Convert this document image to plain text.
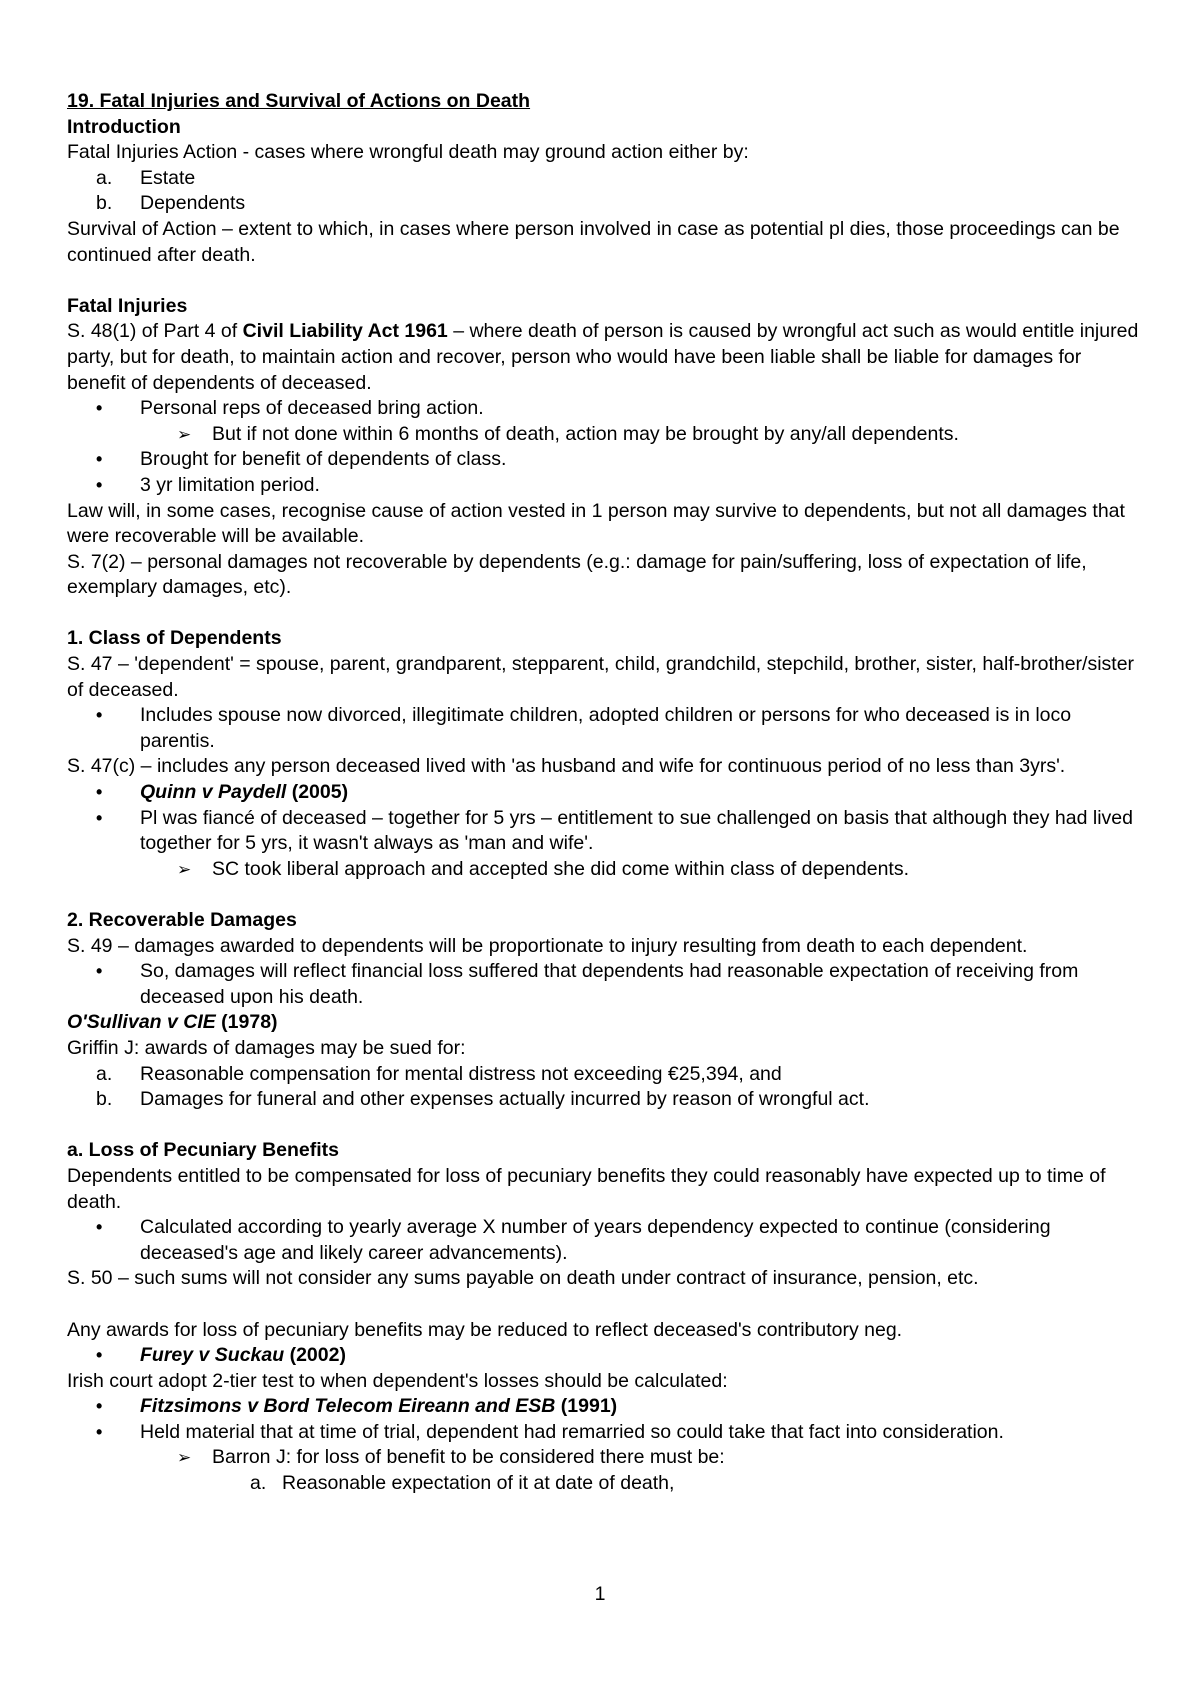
19. Fatal Injuries and Survival of Actions on Death
Introduction
Fatal Injuries Action - cases where wrongful death may ground action either by:
a. Estate
b. Dependents
Survival of Action – extent to which, in cases where person involved in case as potential pl dies, those proceedings can be continued after death.
Fatal Injuries
S. 48(1) of Part 4 of Civil Liability Act 1961 – where death of person is caused by wrongful act such as would entitle injured party, but for death, to maintain action and recover, person who would have been liable shall be liable for damages for benefit of dependents of deceased.
• Personal reps of deceased bring action.
➢ But if not done within 6 months of death, action may be brought by any/all dependents.
• Brought for benefit of dependents of class.
• 3 yr limitation period.
Law will, in some cases, recognise cause of action vested in 1 person may survive to dependents, but not all damages that were recoverable will be available.
S. 7(2) – personal damages not recoverable by dependents (e.g.: damage for pain/suffering, loss of expectation of life, exemplary damages, etc).
1. Class of Dependents
S. 47 – 'dependent' = spouse, parent, grandparent, stepparent, child, grandchild, stepchild, brother, sister, half-brother/sister of deceased.
• Includes spouse now divorced, illegitimate children, adopted children or persons for who deceased is in loco parentis.
S. 47(c) – includes any person deceased lived with 'as husband and wife for continuous period of no less than 3yrs'.
• Quinn v Paydell (2005)
• Pl was fiancé of deceased – together for 5 yrs – entitlement to sue challenged on basis that although they had lived together for 5 yrs, it wasn't always as 'man and wife'.
➢ SC took liberal approach and accepted she did come within class of dependents.
2. Recoverable Damages
S. 49 – damages awarded to dependents will be proportionate to injury resulting from death to each dependent.
• So, damages will reflect financial loss suffered that dependents had reasonable expectation of receiving from deceased upon his death.
O'Sullivan v CIE (1978)
Griffin J: awards of damages may be sued for:
a. Reasonable compensation for mental distress not exceeding €25,394, and
b. Damages for funeral and other expenses actually incurred by reason of wrongful act.
a. Loss of Pecuniary Benefits
Dependents entitled to be compensated for loss of pecuniary benefits they could reasonably have expected up to time of death.
• Calculated according to yearly average X number of years dependency expected to continue (considering deceased's age and likely career advancements).
S. 50 – such sums will not consider any sums payable on death under contract of insurance, pension, etc.
Any awards for loss of pecuniary benefits may be reduced to reflect deceased's contributory neg.
• Furey v Suckau (2002)
Irish court adopt 2-tier test to when dependent's losses should be calculated:
• Fitzsimons v Bord Telecom Eireann and ESB (1991)
• Held material that at time of trial, dependent had remarried so could take that fact into consideration.
➢ Barron J: for loss of benefit to be considered there must be:
a. Reasonable expectation of it at date of death,
1
